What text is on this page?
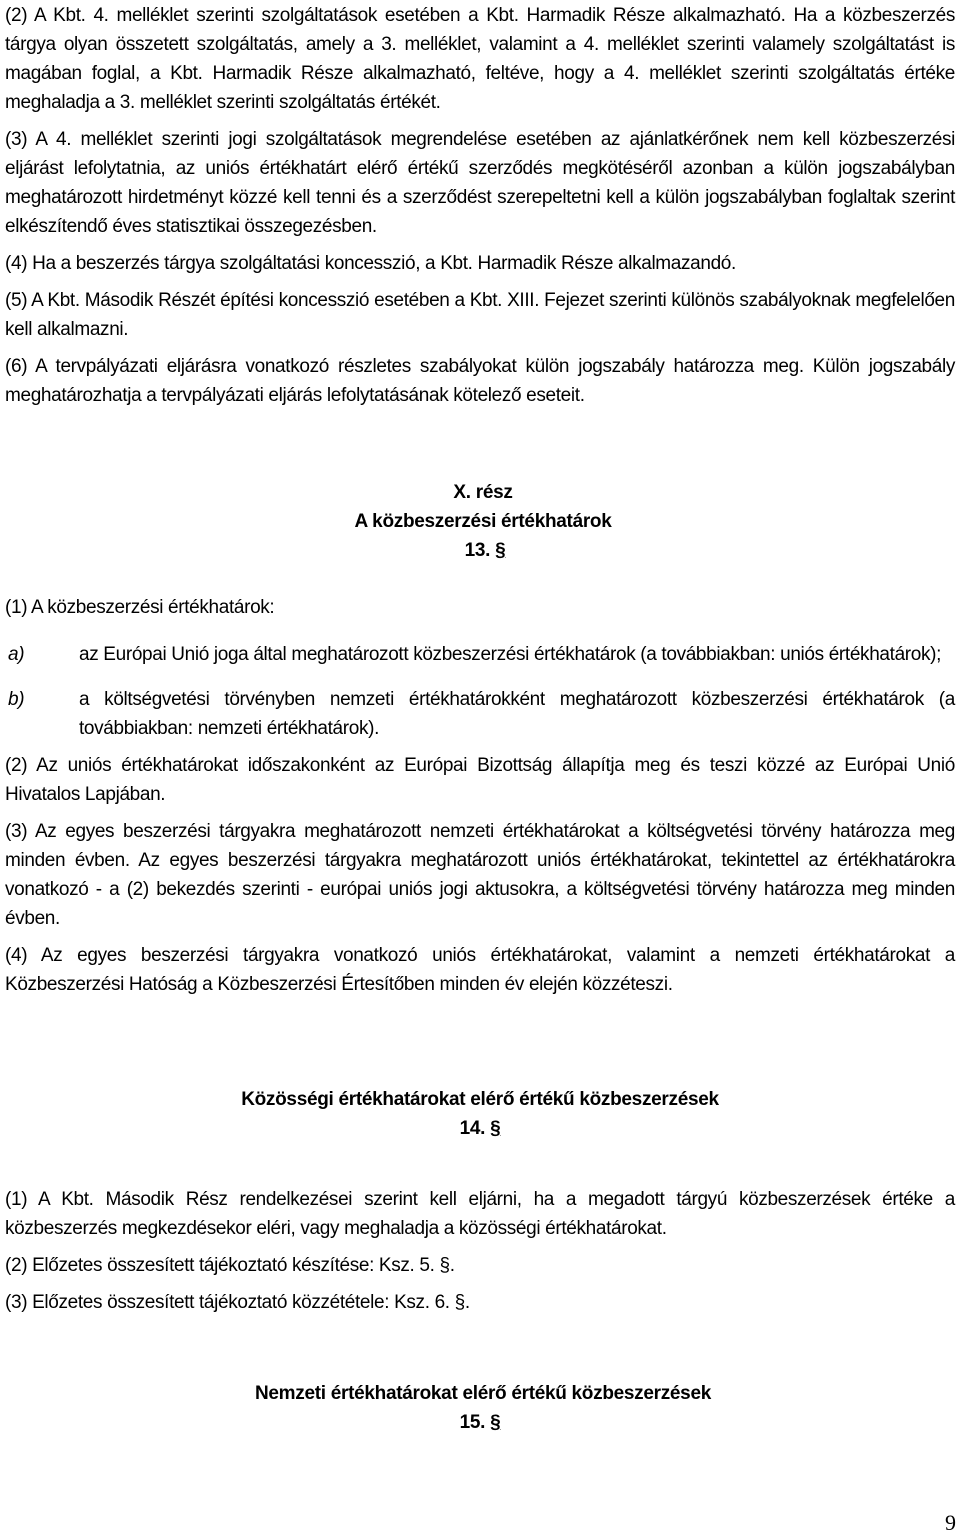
(2) A Kbt. 4. melléklet szerinti szolgáltatások esetében a Kbt. Harmadik Része alkalmazható. Ha a közbeszerzés tárgya olyan összetett szolgáltatás, amely a 3. melléklet, valamint a 4. melléklet szerinti valamely szolgáltatást is magában foglal, a Kbt. Harmadik Része alkalmazható, feltéve, hogy a 4. melléklet szerinti szolgáltatás értéke meghaladja a 3. melléklet szerinti szolgáltatás értékét.

(3) A 4. melléklet szerinti jogi szolgáltatások megrendelése esetében az ajánlatkérőnek nem kell közbeszerzési eljárást lefolytatnia, az uniós értékhatárt elérő értékű szerződés megkötéséről azonban a külön jogszabályban meghatározott hirdetményt közzé kell tenni és a szerződést szerepeltetni kell a külön jogszabályban foglaltak szerint elkészítendő éves statisztikai összegezésben.

(4) Ha a beszerzés tárgya szolgáltatási koncesszió, a Kbt. Harmadik Része alkalmazandó.

(5) A Kbt. Második Részét építési koncesszió esetében a Kbt. XIII. Fejezet szerinti különös szabályoknak megfelelően kell alkalmazni.

(6) A tervpályázati eljárásra vonatkozó részletes szabályokat külön jogszabály határozza meg. Külön jogszabály meghatározhatja a tervpályázati eljárás lefolytatásának kötelező eseteit.

X. rész

A közbeszerzési értékhatárok

13. §

(1) A közbeszerzési értékhatárok:

a)	az Európai Unió joga által meghatározott közbeszerzési értékhatárok (a továbbiakban: uniós értékhatárok);
b)	a költségvetési törvényben nemzeti értékhatárokként meghatározott közbeszerzési értékhatárok (a továbbiakban: nemzeti értékhatárok).

(2) Az uniós értékhatárokat időszakonként az Európai Bizottság állapítja meg és teszi közzé az Európai Unió Hivatalos Lapjában.

(3) Az egyes beszerzési tárgyakra meghatározott nemzeti értékhatárokat a költségvetési törvény határozza meg minden évben. Az egyes beszerzési tárgyakra meghatározott uniós értékhatárokat, tekintettel az értékhatárokra vonatkozó - a (2) bekezdés szerinti - európai uniós jogi aktusokra, a költségvetési törvény határozza meg minden évben.

(4) Az egyes beszerzési tárgyakra vonatkozó uniós értékhatárokat, valamint a nemzeti értékhatárokat a Közbeszerzési Hatóság a Közbeszerzési Értesítőben minden év elején közzéteszi.

Közösségi értékhatárokat elérő értékű közbeszerzések

14. §

(1) A Kbt. Második Rész rendelkezései szerint kell eljárni, ha a megadott tárgyú közbeszerzések értéke a közbeszerzés megkezdésekor eléri, vagy meghaladja a közösségi értékhatárokat.

(2) Előzetes összesített tájékoztató készítése: Ksz. 5. §.

(3) Előzetes összesített tájékoztató közzététele: Ksz. 6. §.

Nemzeti értékhatárokat elérő értékű közbeszerzések

15. §

9
